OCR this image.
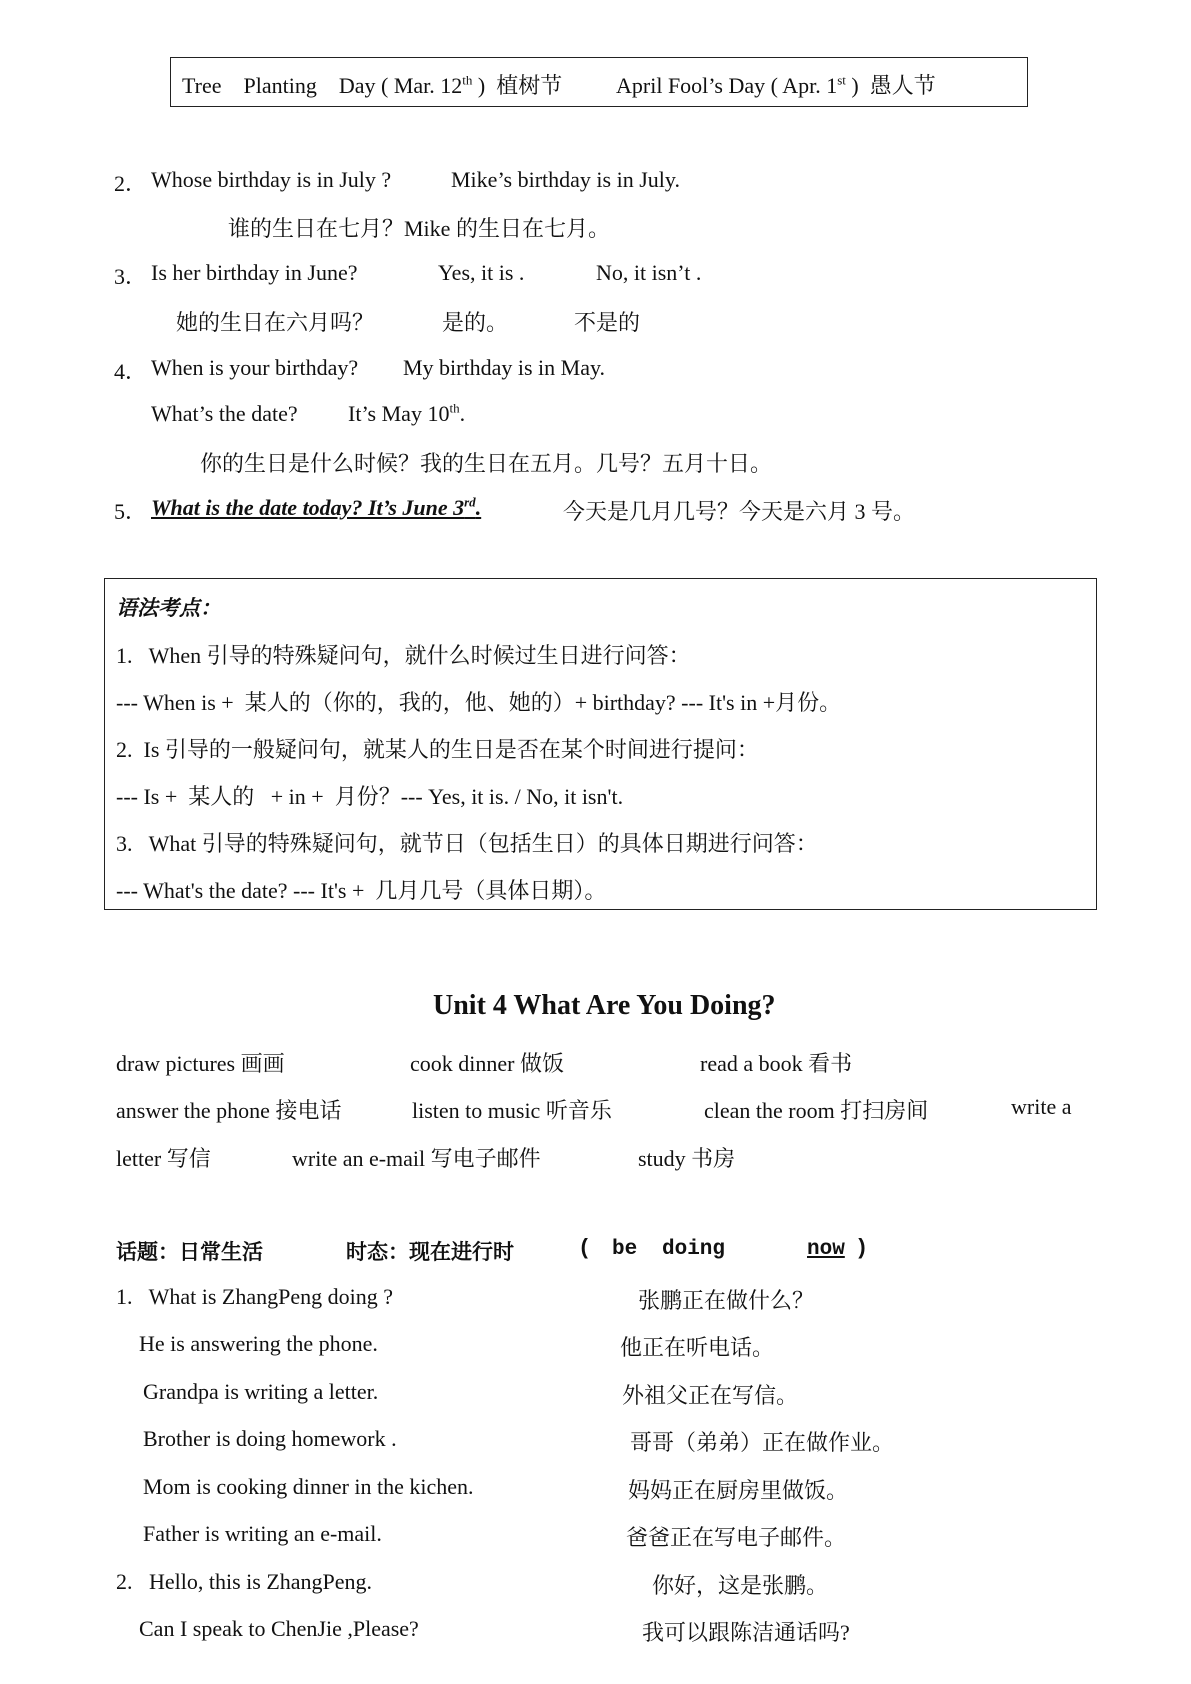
Tree    Planting    Day ( Mar. 12th )  植树节 April Fool’s Day ( Apr. 1st )  愚人节
2． Whose birthday is in July ?	Mike’s birthday is in July.
谁的生日在七月？Mike 的生日在七月。
3． Is her birthday in June?	Yes, it is .	No, it isn’t .
她的生日在六月吗？	是的。	不是的
4． When is your birthday? My birthday is in May.
What’s the date? It’s May 10th.
你的生日是什么时候？我的生日在五月。几号？五月十日。
5． What is the date today? It’s June 3rd.	今天是几月几号？今天是六月 3 号。
语法考点：
1.   When 引导的特殊疑问句，就什么时候过生日进行问答：
--- When is +  某人的（你的，我的，他、她的）+ birthday? --- It's in +月份。
2.  Is 引导的一般疑问句，就某人的生日是否在某个时间进行提问：
--- Is +  某人的   + in +  月份？--- Yes, it is. / No, it isn't.
3.   What 引导的特殊疑问句，就节日（包括生日）的具体日期进行问答：
--- What's the date? --- It's +  几月几号（具体日期）。
Unit 4 What Are You Doing?
draw pictures 画画	cook dinner 做饭	read a book 看书
answer the phone 接电话	listen to music 听音乐	clean the room 打扫房间	write a
letter 写信	write an e-mail 写电子邮件	study 书房
话题：日常生活	时态：现在进行时	( be doing	now )
1.   What is ZhangPeng doing ?	张鹏正在做什么？
He is answering the phone.	他正在听电话。
Grandpa is writing a letter.	外祖父正在写信。
Brother is doing homework .	哥哥（弟弟）正在做作业。
Mom is cooking dinner in the kichen.	妈妈正在厨房里做饭。
Father is writing an e-mail.	爸爸正在写电子邮件。
2.   Hello, this is ZhangPeng.	你好，这是张鹏。
Can I speak to ChenJie ,Please?	我可以跟陈洁通话吗?
